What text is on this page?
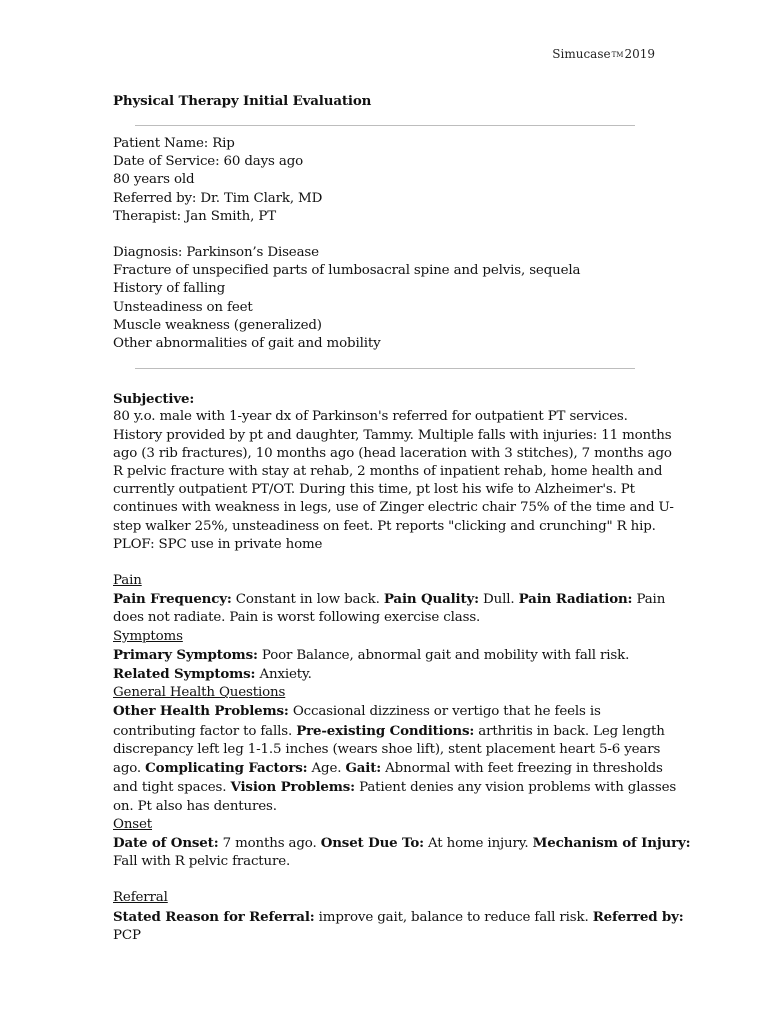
SimucaseTM2019
Physical Therapy Initial Evaluation
Patient Name: Rip
Date of Service: 60 days ago
80 years old
Referred by: Dr. Tim Clark, MD
Therapist: Jan Smith, PT
Diagnosis: Parkinson’s Disease
Fracture of unspecified parts of lumbosacral spine and pelvis, sequela
History of falling
Unsteadiness on feet
Muscle weakness (generalized)
Other abnormalities of gait and mobility
Subjective:
80 y.o. male with 1-year dx of Parkinson's referred for outpatient PT services.
History provided by pt and daughter, Tammy. Multiple falls with injuries: 11 months
ago (3 rib fractures), 10 months ago (head laceration with 3 stitches), 7 months ago
R pelvic fracture with stay at rehab, 2 months of inpatient rehab, home health and
currently outpatient PT/OT. During this time, pt lost his wife to Alzheimer's. Pt
continues with weakness in legs, use of Zinger electric chair 75% of the time and U-
step walker 25%, unsteadiness on feet. Pt reports "clicking and crunching" R hip.
PLOF: SPC use in private home
Pain
Pain Frequency: Constant in low back. Pain Quality: Dull. Pain Radiation: Pain
does not radiate. Pain is worst following exercise class.
Symptoms
Primary Symptoms: Poor Balance, abnormal gait and mobility with fall risk.
Related Symptoms: Anxiety.
General Health Questions
Other Health Problems: Occasional dizziness or vertigo that he feels is
contributing factor to falls. Pre-existing Conditions: arthritis in back. Leg length
discrepancy left leg 1-1.5 inches (wears shoe lift), stent placement heart 5-6 years
ago. Complicating Factors: Age. Gait: Abnormal with feet freezing in thresholds
and tight spaces. Vision Problems: Patient denies any vision problems with glasses
on. Pt also has dentures.
Onset
Date of Onset: 7 months ago. Onset Due To: At home injury. Mechanism of Injury:
Fall with R pelvic fracture.
Referral
Stated Reason for Referral: improve gait, balance to reduce fall risk. Referred by:
PCP
